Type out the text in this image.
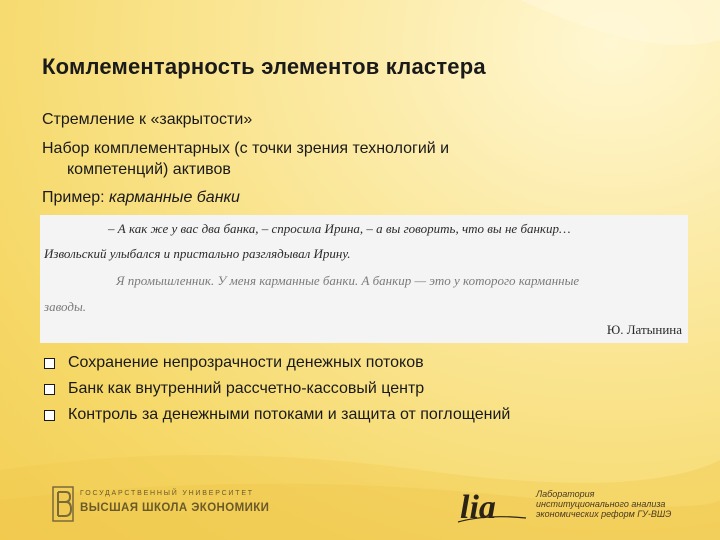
Комлементарность элементов кластера
Стремление к «закрытости»
Набор комплементарных (с точки зрения технологий и
компетенций) активов
Пример: карманные банки
– А как же у вас два банка, – спросила Ирина, – а вы говорить, что вы не банкир…
Извольский улыбался и пристально разглядывал Ирину.
Я промышленник. У меня карманные банки. А банкир — это у которого карманные
заводы.
Ю. Латынина
Сохранение непрозрачности денежных потоков
Банк как внутренний рассчетно-кассовый центр
Контроль за денежными потоками и защита от поглощений
ГОСУДАРСТВЕННЫЙ УНИВЕРСИТЕТ
ВЫСШАЯ ШКОЛА ЭКОНОМИКИ	lia	Лаборатория
институционального анализа
экономических реформ ГУ-ВШЭ
